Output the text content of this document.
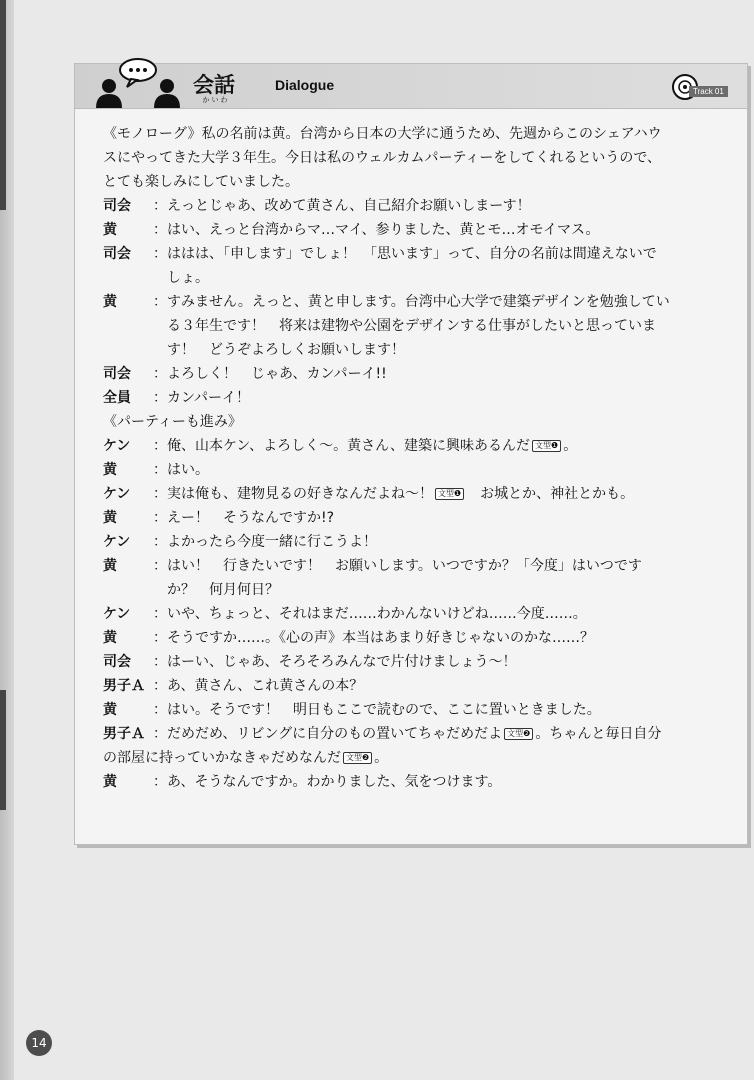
会話
かいわ
Dialogue	Track 01
《モノローグ》私の名前は黄。台湾から日本の大学に通うため、先週からこのシェアハウ
スにやってきた大学３年生。今日は私のウェルカムパーティーをしてくれるというので、
とても楽しみにしていました。
司会	：えっとじゃあ、改めて黄さん、自己紹介お願いしまーす！
黄	：はい、えっと台湾からマ…マイ、参りました、黄とモ…オモイマス。
司会	：ははは、「申します」でしょ！　「思います」って、自分の名前は間違えないで
しょ。
黄	：すみません。えっと、黄と申します。台湾中心大学で建築デザインを勉強してい
る３年生です！　将来は建物や公園をデザインする仕事がしたいと思っていま
す！　どうぞよろしくお願いします！
司会	：よろしく！　じゃあ、カンパーイ!!
全員	：カンパーイ！
《パーティーも進み》
ケン	：俺、山本ケン、よろしく～。黄さん、建築に興味あるんだ 文型❶ 。
黄	：はい。
ケン	：実は俺も、建物見るの好きなんだよね～！ 文型❶　お城とか、神社とかも。
黄	：えー！　そうなんですか!?
ケン	：よかったら今度一緒に行こうよ！
黄	：はい！　行きたいです！　お願いします。いつですか？「今度」はいつです
か？　何月何日？
ケン	：いや、ちょっと、それはまだ……わかんないけどね……今度……。
黄	：そうですか……。《心の声》本当はあまり好きじゃないのかな……？
司会	：はーい、じゃあ、そろそろみんなで片付けましょう～！
男子Ａ ：あ、黄さん、これ黄さんの本？
黄	：はい。そうです！　明日もここで読むので、ここに置いときました。
男子Ａ ：だめだめ、リビングに自分のもの置いてちゃだめだよ 文型❷ 。ちゃんと毎日自分
の部屋に持っていかなきゃだめなんだ 文型❷ 。
黄	：あ、そうなんですか。わかりました、気をつけます。
14
